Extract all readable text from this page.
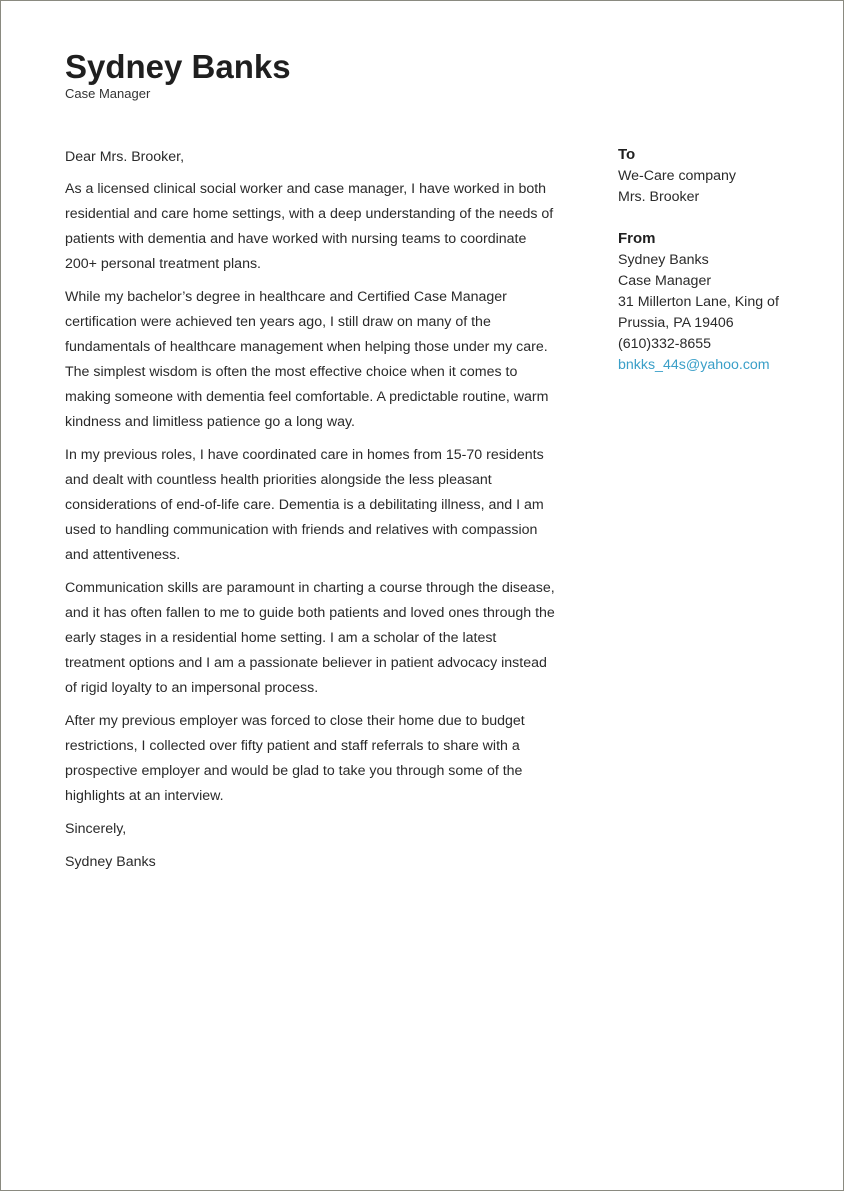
Sydney Banks
Case Manager

Dear Mrs. Brooker,

As a licensed clinical social worker and case manager, I have worked in both residential and care home settings, with a deep understanding of the needs of patients with dementia and have worked with nursing teams to coordinate 200+ personal treatment plans.

While my bachelor’s degree in healthcare and Certified Case Manager certification were achieved ten years ago, I still draw on many of the fundamentals of healthcare management when helping those under my care. The simplest wisdom is often the most effective choice when it comes to making someone with dementia feel comfortable. A predictable routine, warm kindness and limitless patience go a long way.

In my previous roles, I have coordinated care in homes from 15-70 residents and dealt with countless health priorities alongside the less pleasant considerations of end-of-life care. Dementia is a debilitating illness, and I am used to handling communication with friends and relatives with compassion and attentiveness.

Communication skills are paramount in charting a course through the disease, and it has often fallen to me to guide both patients and loved ones through the early stages in a residential home setting. I am a scholar of the latest treatment options and I am a passionate believer in patient advocacy instead of rigid loyalty to an impersonal process.

After my previous employer was forced to close their home due to budget restrictions, I collected over fifty patient and staff referrals to share with a prospective employer and would be glad to take you through some of the highlights at an interview.

Sincerely,

Sydney Banks

To
We-Care company
Mrs. Brooker
From
Sydney Banks
Case Manager
31 Millerton Lane, King of
Prussia, PA 19406
(610)332-8655
bnkks_44s@yahoo.com
